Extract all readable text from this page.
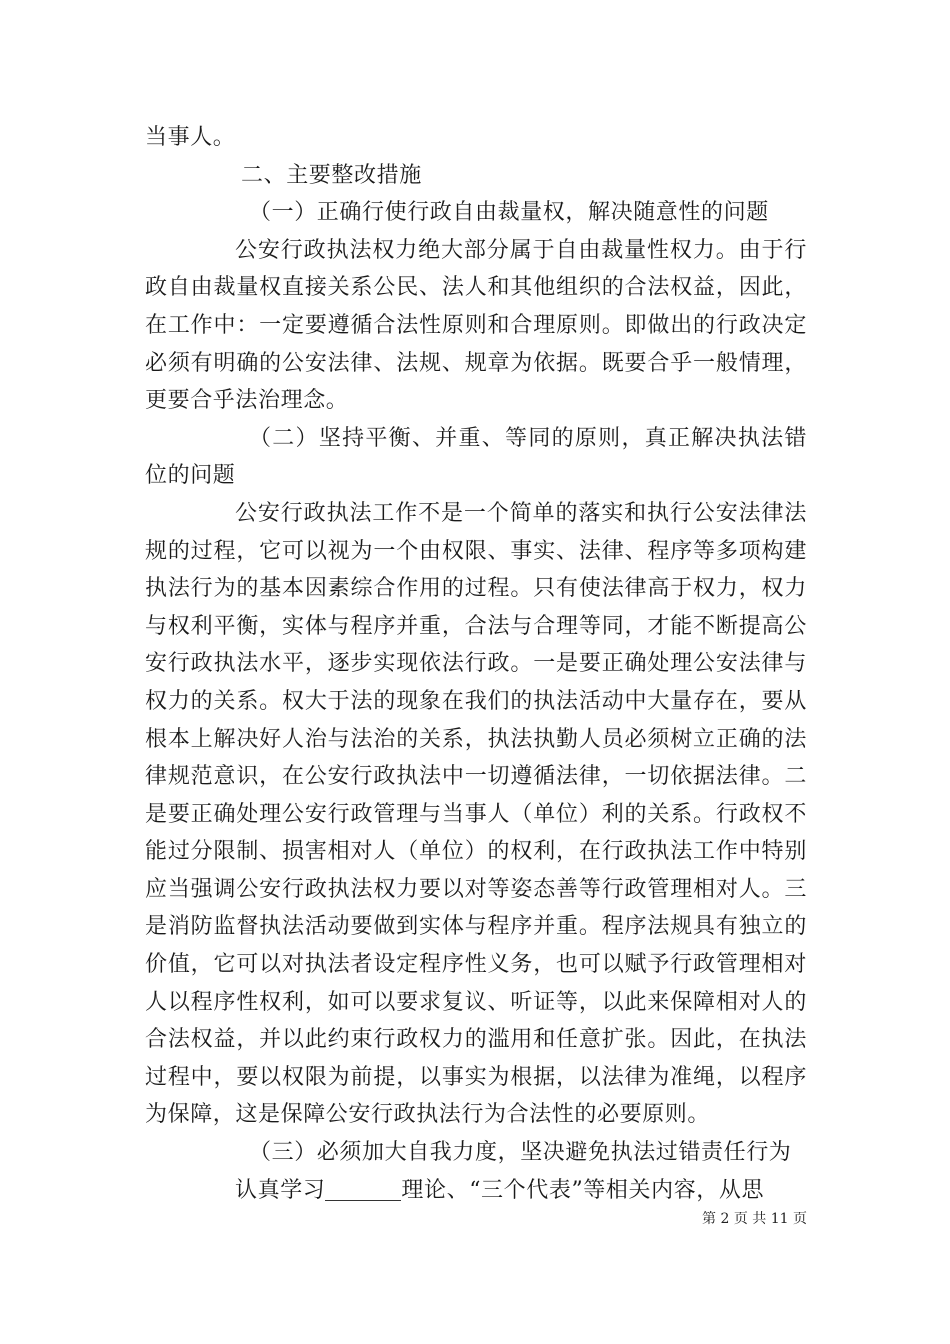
当事人。

二、主要整改措施

（一）正确行使行政自由裁量权，解决随意性的问题

公安行政执法权力绝大部分属于自由裁量性权力。由于行政自由裁量权直接关系公民、法人和其他组织的合法权益，因此，在工作中：一定要遵循合法性原则和合理原则。即做出的行政决定必须有明确的公安法律、法规、规章为依据。既要合乎一般情理，更要合乎法治理念。

（二）坚持平衡、并重、等同的原则，真正解决执法错位的问题

公安行政执法工作不是一个简单的落实和执行公安法律法规的过程，它可以视为一个由权限、事实、法律、程序等多项构建执法行为的基本因素综合作用的过程。只有使法律高于权力，权力与权利平衡，实体与程序并重，合法与合理等同，才能不断提高公安行政执法水平，逐步实现依法行政。一是要正确处理公安法律与权力的关系。权大于法的现象在我们的执法活动中大量存在，要从根本上解决好人治与法治的关系，执法执勤人员必须树立正确的法律规范意识，在公安行政执法中一切遵循法律，一切依据法律。二是要正确处理公安行政管理与当事人（单位）利的关系。行政权不能过分限制、损害相对人（单位）的权利，在行政执法工作中特别应当强调公安行政执法权力要以对等姿态善等行政管理相对人。三是消防监督执法活动要做到实体与程序并重。程序法规具有独立的价值，它可以对执法者设定程序性义务，也可以赋予行政管理相对人以程序性权利，如可以要求复议、听证等，以此来保障相对人的合法权益，并以此约束行政权力的滥用和任意扩张。因此，在执法过程中，要以权限为前提，以事实为根据，以法律为准绳，以程序为保障，这是保障公安行政执法行为合法性的必要原则。

（三）必须加大自我力度，坚决避免执法过错责任行为

认真学习	理论、“三个代表”等相关内容，从思

第 2 页 共 11 页
